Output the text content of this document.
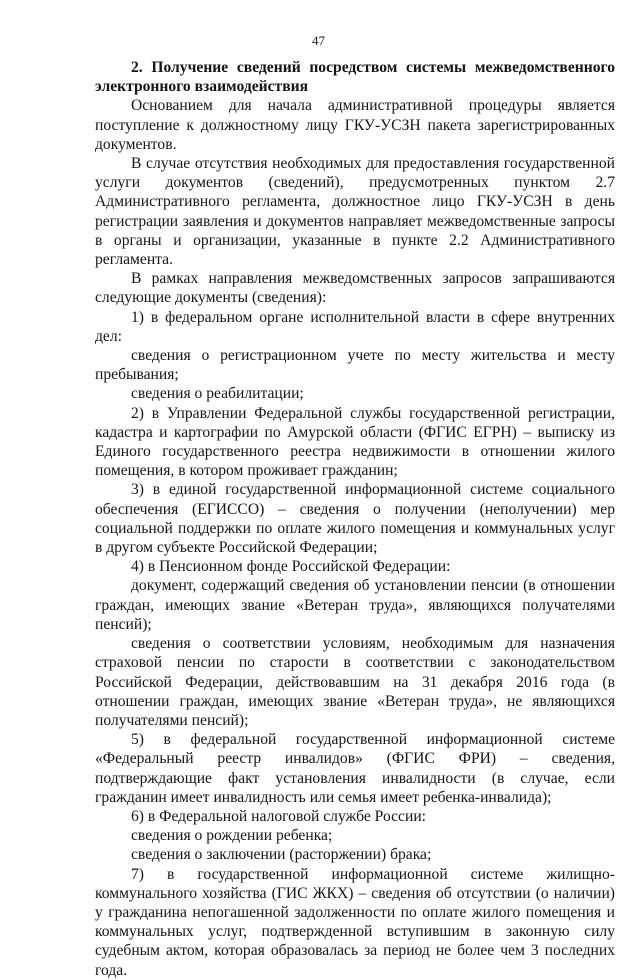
47

2. Получение сведений посредством системы межведомственного электронного взаимодействия

Основанием для начала административной процедуры является поступление к должностному лицу ГКУ-УСЗН пакета зарегистрированных документов.

В случае отсутствия необходимых для предоставления государственной услуги документов (сведений), предусмотренных пунктом 2.7 Административного регламента, должностное лицо ГКУ-УСЗН в день регистрации заявления и документов направляет межведомственные запросы в органы и организации, указанные в пункте 2.2 Административного регламента.

В рамках направления межведомственных запросов запрашиваются следующие документы (сведения):

1) в федеральном органе исполнительной власти в сфере внутренних дел:

сведения о регистрационном учете по месту жительства и месту пребывания;

сведения о реабилитации;

2) в Управлении Федеральной службы государственной регистрации, кадастра и картографии по Амурской области (ФГИС ЕГРН) – выписку из Единого государственного реестра недвижимости в отношении жилого помещения, в котором проживает гражданин;

3) в единой государственной информационной системе социального обеспечения (ЕГИССО) – сведения о получении (неполучении) мер социальной поддержки по оплате жилого помещения и коммунальных услуг в другом субъекте Российской Федерации;

4) в Пенсионном фонде Российской Федерации:

документ, содержащий сведения об установлении пенсии (в отношении граждан, имеющих звание «Ветеран труда», являющихся получателями пенсий);

сведения о соответствии условиям, необходимым для назначения страховой пенсии по старости в соответствии с законодательством Российской Федерации, действовавшим на 31 декабря 2016 года (в отношении граждан, имеющих звание «Ветеран труда», не являющихся получателями пенсий);

5) в федеральной государственной информационной системе «Федеральный реестр инвалидов» (ФГИС ФРИ) – сведения, подтверждающие факт установления инвалидности (в случае, если гражданин имеет инвалидность или семья имеет ребенка-инвалида);

6) в Федеральной налоговой службе России:

сведения о рождении ребенка;

сведения о заключении (расторжении) брака;

7) в государственной информационной системе жилищно-коммунального хозяйства (ГИС ЖКХ) – сведения об отсутствии (о наличии) у гражданина непогашенной задолженности по оплате жилого помещения и коммунальных услуг, подтвержденной вступившим в законную силу судебным актом, которая образовалась за период не более чем 3 последних года.
